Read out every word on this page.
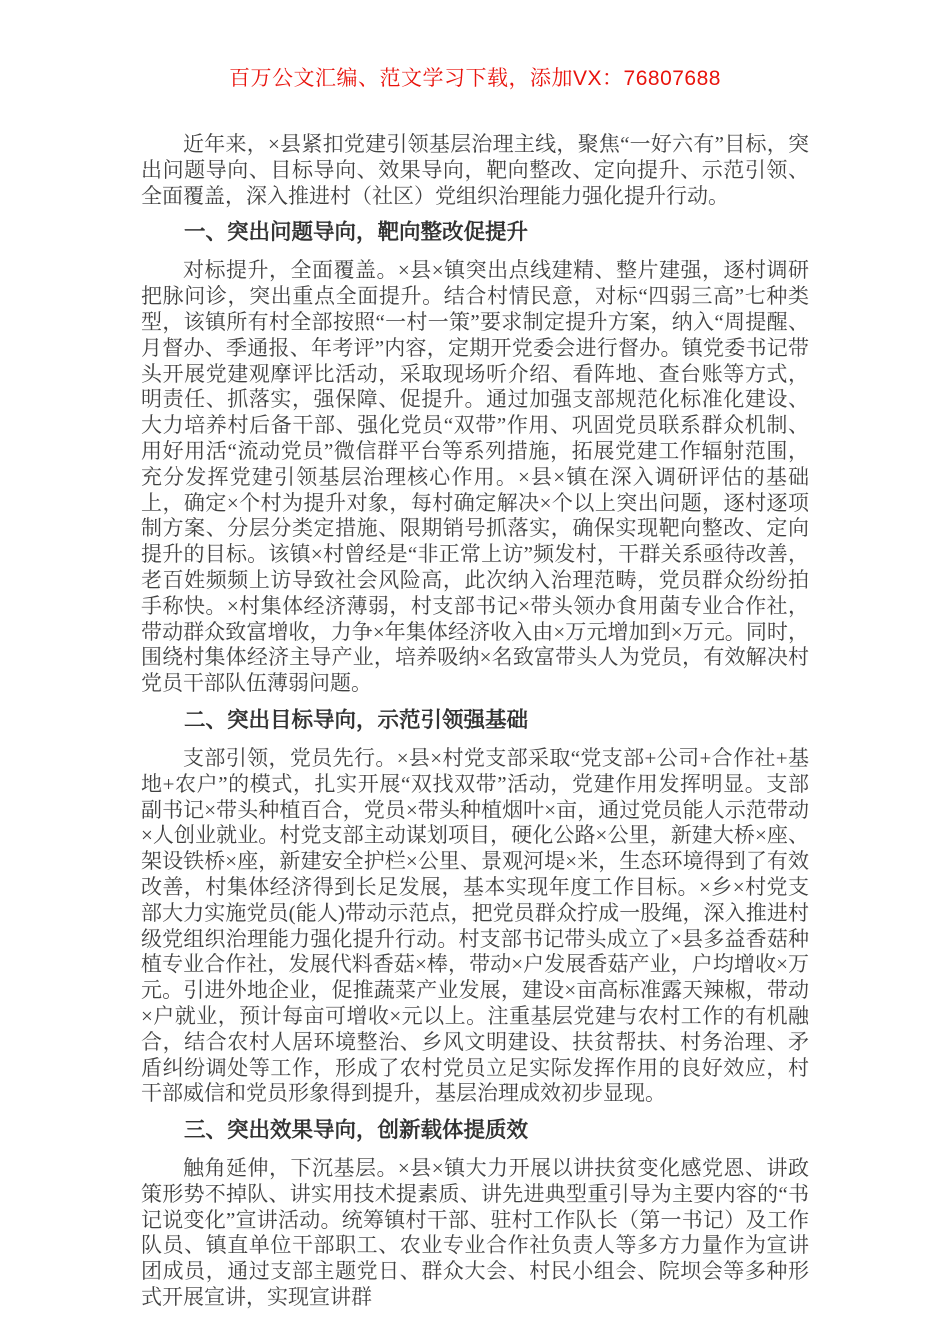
百万公文汇编、范文学习下载，添加VX：76807688

近年来，×县紧扣党建引领基层治理主线，聚焦“一好六有”目标，突出问题导向、目标导向、效果导向，靶向整改、定向提升、示范引领、全面覆盖，深入推进村（社区）党组织治理能力强化提升行动。

一、突出问题导向，靶向整改促提升

对标提升，全面覆盖。×县×镇突出点线建精、整片建强，逐村调研把脉问诊，突出重点全面提升。结合村情民意，对标“四弱三高”七种类型，该镇所有村全部按照“一村一策”要求制定提升方案，纳入“周提醒、月督办、季通报、年考评”内容，定期开党委会进行督办。镇党委书记带头开展党建观摩评比活动，采取现场听介绍、看阵地、查台账等方式，明责任、抓落实，强保障、促提升。通过加强支部规范化标准化建设、大力培养村后备干部、强化党员“双带”作用、巩固党员联系群众机制、用好用活“流动党员”微信群平台等系列措施，拓展党建工作辐射范围，充分发挥党建引领基层治理核心作用。×县×镇在深入调研评估的基础上，确定×个村为提升对象，每村确定解决×个以上突出问题，逐村逐项制方案、分层分类定措施、限期销号抓落实，确保实现靶向整改、定向提升的目标。该镇×村曾经是“非正常上访”频发村，干群关系亟待改善，老百姓频频上访导致社会风险高，此次纳入治理范畴，党员群众纷纷拍手称快。×村集体经济薄弱，村支部书记×带头领办食用菌专业合作社，带动群众致富增收，力争×年集体经济收入由×万元增加到×万元。同时，围绕村集体经济主导产业，培养吸纳×名致富带头人为党员，有效解决村党员干部队伍薄弱问题。

二、突出目标导向，示范引领强基础

支部引领，党员先行。×县×村党支部采取“党支部+公司+合作社+基地+农户”的模式，扎实开展“双找双带”活动，党建作用发挥明显。支部副书记×带头种植百合，党员×带头种植烟叶×亩，通过党员能人示范带动×人创业就业。村党支部主动谋划项目，硬化公路×公里，新建大桥×座、架设铁桥×座，新建安全护栏×公里、景观河堤×米，生态环境得到了有效改善，村集体经济得到长足发展，基本实现年度工作目标。×乡×村党支部大力实施党员(能人)带动示范点，把党员群众拧成一股绳，深入推进村级党组织治理能力强化提升行动。村支部书记带头成立了×县多益香菇种植专业合作社，发展代料香菇×棒，带动×户发展香菇产业，户均增收×万元。引进外地企业，促推蔬菜产业发展，建设×亩高标准露天辣椒，带动×户就业，预计每亩可增收×元以上。注重基层党建与农村工作的有机融合，结合农村人居环境整治、乡风文明建设、扶贫帮扶、村务治理、矛盾纠纷调处等工作，形成了农村党员立足实际发挥作用的良好效应，村干部威信和党员形象得到提升，基层治理成效初步显现。

三、突出效果导向，创新载体提质效

触角延伸，下沉基层。×县×镇大力开展以讲扶贫变化感党恩、讲政策形势不掉队、讲实用技术提素质、讲先进典型重引导为主要内容的“书记说变化”宣讲活动。统筹镇村干部、驻村工作队长（第一书记）及工作队员、镇直单位干部职工、农业专业合作社负责人等多方力量作为宣讲团成员，通过支部主题党日、群众大会、村民小组会、院坝会等多种形式开展宣讲，实现宣讲群
